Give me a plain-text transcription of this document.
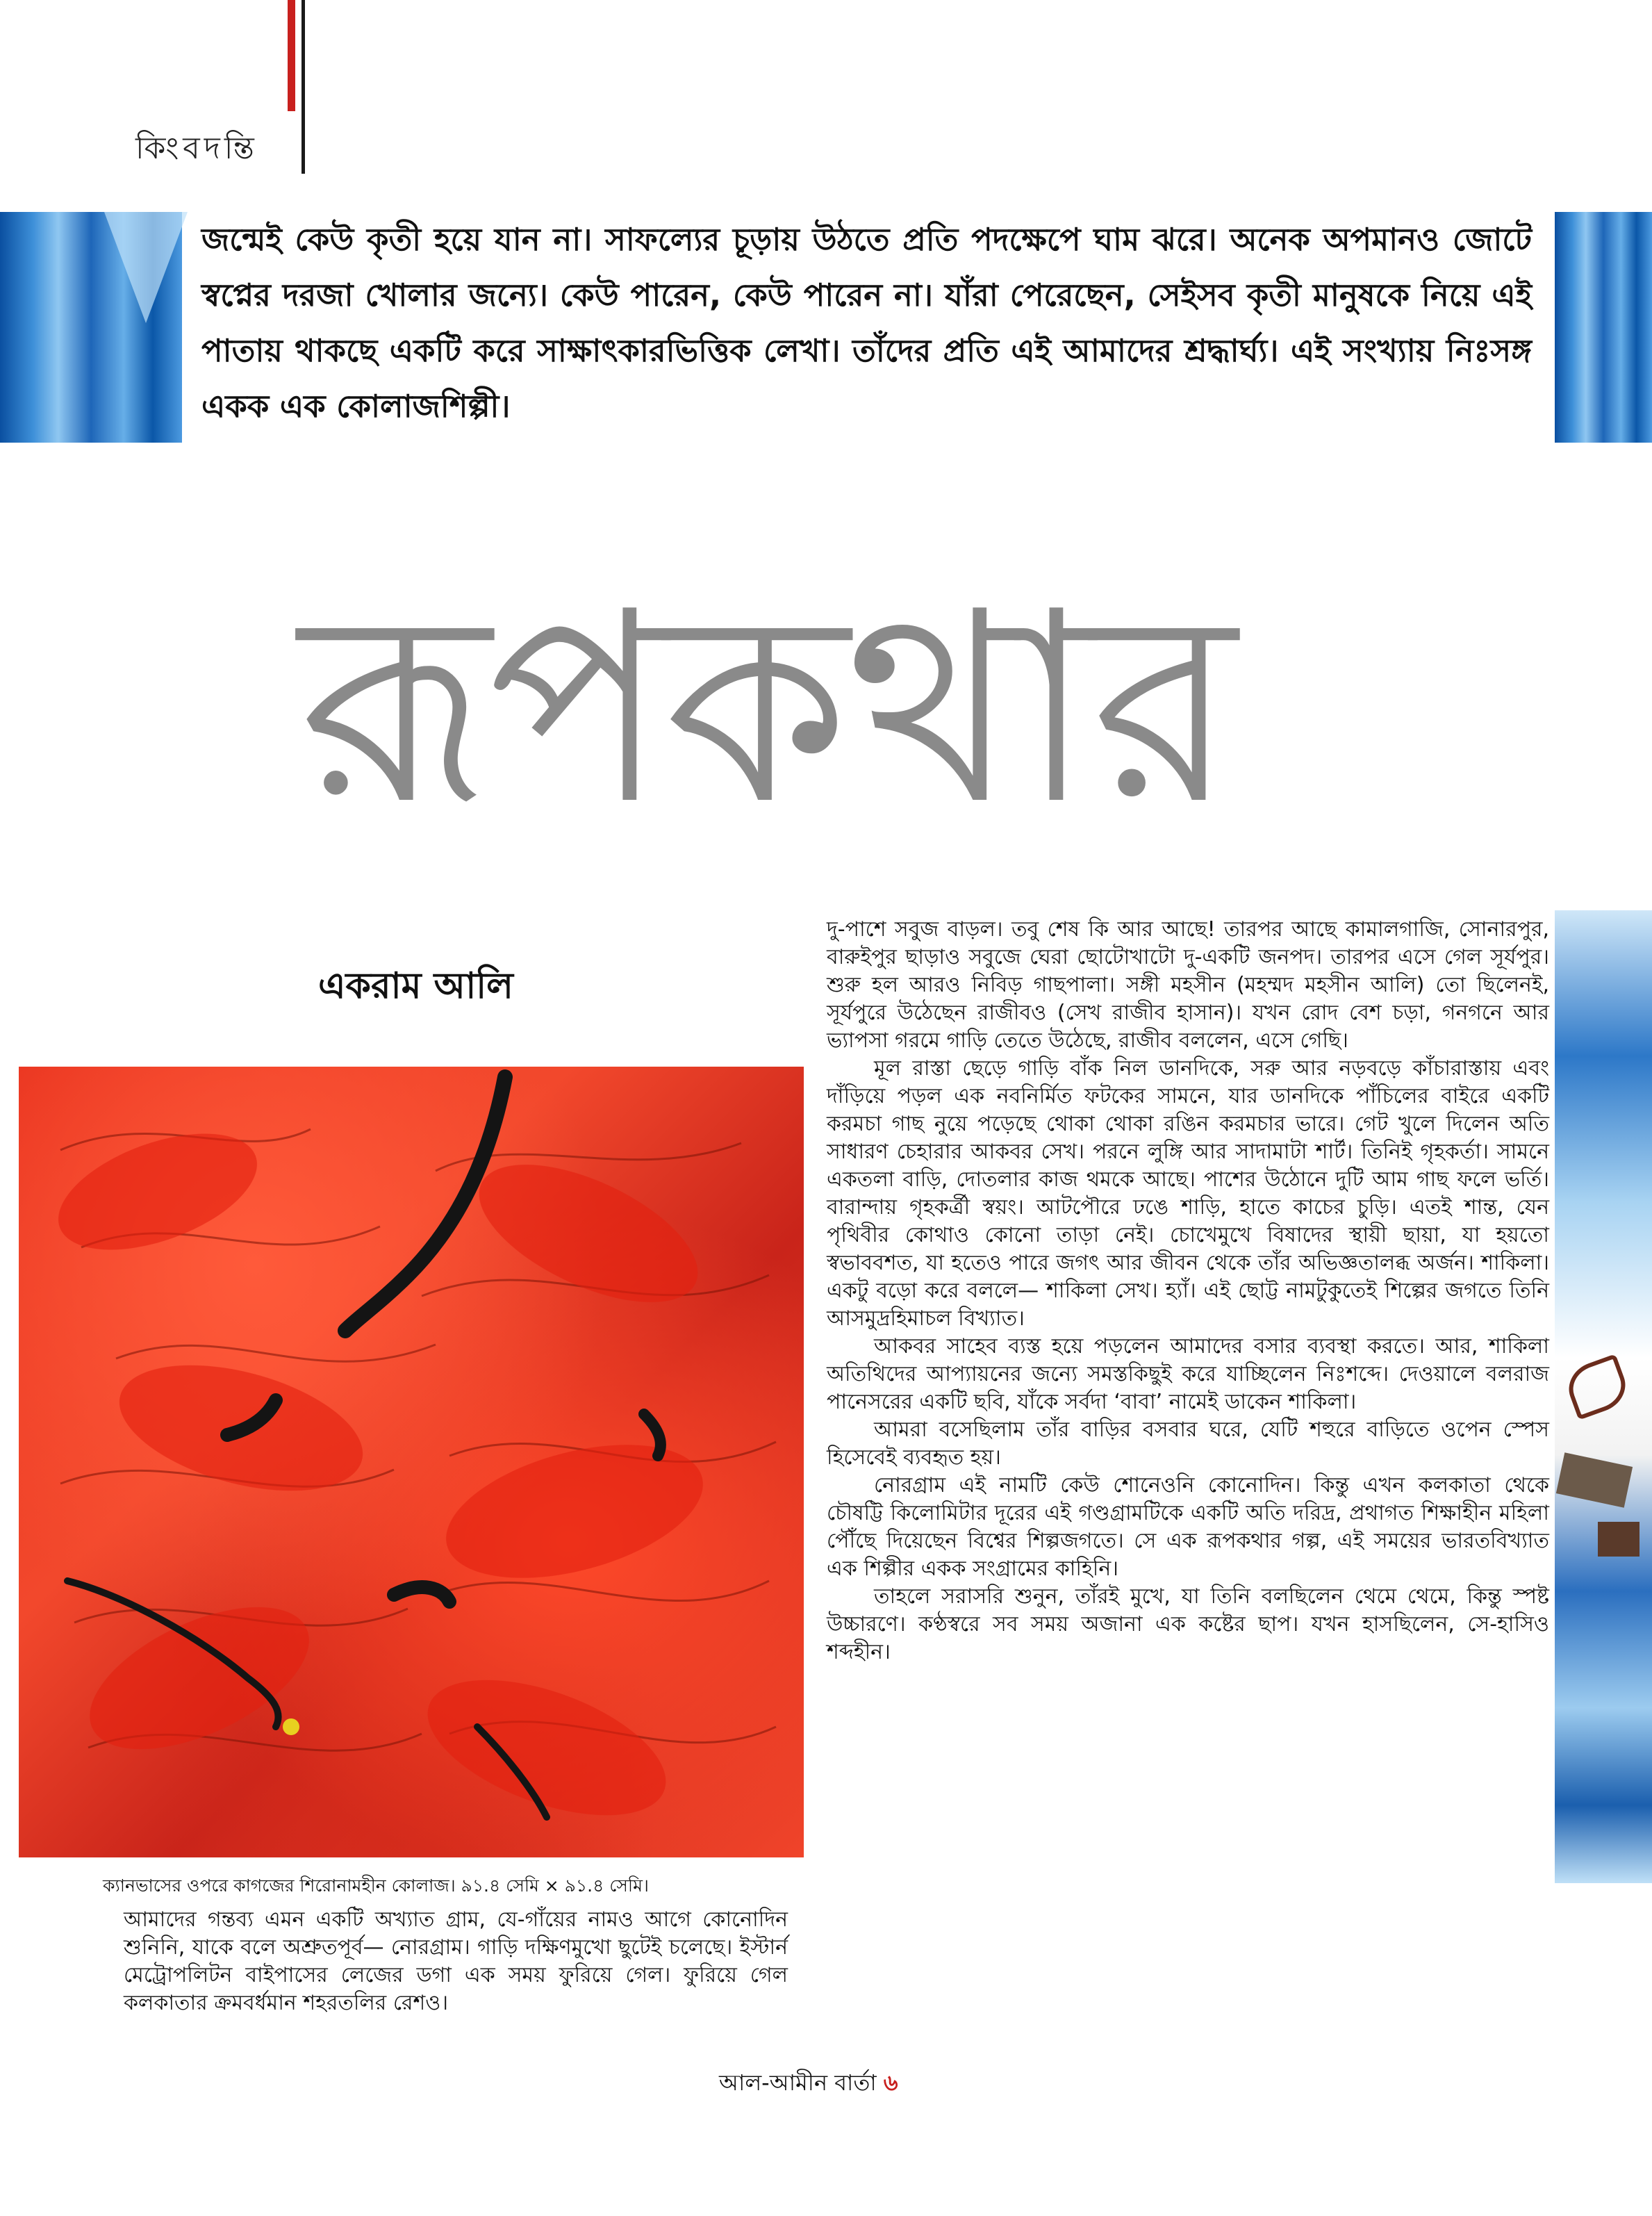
কিংবদন্তি
জন্মেই কেউ কৃতী হয়ে যান না। সাফল্যের চূড়ায় উঠতে প্রতি পদক্ষেপে ঘাম ঝরে। অনেক অপমানও জোটে স্বপ্নের দরজা খোলার জন্যে। কেউ পারেন, কেউ পারেন না। যাঁরা পেরেছেন, সেইসব কৃতী মানুষকে নিয়ে এই পাতায় থাকছে একটি করে সাক্ষাৎকারভিত্তিক লেখা। তাঁদের প্রতি এই আমাদের শ্রদ্ধার্ঘ্য। এই সংখ্যায় নিঃসঙ্গ একক এক কোলাজশিল্পী।
রূপকথার
একরাম আলি
ক্যানভাসের ওপরে কাগজের শিরোনামহীন কোলাজ। ৯১.৪ সেমি × ৯১.৪ সেমি।

আমাদের গন্তব্য এমন একটি অখ্যাত গ্রাম, যে-গাঁয়ের নামও আগে কোনোদিন শুনিনি, যাকে বলে অশ্রুতপূর্ব— নোরগ্রাম। গাড়ি দক্ষিণমুখো ছুটেই চলেছে। ইস্টার্ন মেট্রোপলিটন বাইপাসের লেজের ডগা এক সময় ফুরিয়ে গেল। ফুরিয়ে গেল কলকাতার ক্রমবর্ধমান শহরতলির রেশও।

দু-পাশে সবুজ বাড়ল। তবু শেষ কি আর আছে! তারপর আছে কামালগাজি, সোনারপুর, বারুইপুর ছাড়াও সবুজে ঘেরা ছোটোখাটো দু-একটি জনপদ। তারপর এসে গেল সূর্যপুর। শুরু হল আরও নিবিড় গাছপালা। সঙ্গী মহসীন (মহম্মদ মহসীন আলি) তো ছিলেনই, সূর্যপুরে উঠেছেন রাজীবও (সেখ রাজীব হাসান)। যখন রোদ বেশ চড়া, গনগনে আর ভ্যাপসা গরমে গাড়ি তেতে উঠেছে, রাজীব বললেন, এসে গেছি।

মূল রাস্তা ছেড়ে গাড়ি বাঁক নিল ডানদিকে, সরু আর নড়বড়ে কাঁচারাস্তায় এবং দাঁড়িয়ে পড়ল এক নবনির্মিত ফটকের সামনে, যার ডানদিকে পাঁচিলের বাইরে একটি করমচা গাছ নুয়ে পড়েছে থোকা থোকা রঙিন করমচার ভারে। গেট খুলে দিলেন অতি সাধারণ চেহারার আকবর সেখ। পরনে লুঙ্গি আর সাদামাটা শার্ট। তিনিই গৃহকর্তা। সামনে একতলা বাড়ি, দোতলার কাজ থমকে আছে। পাশের উঠোনে দুটি আম গাছ ফলে ভর্তি। বারান্দায় গৃহকর্ত্রী স্বয়ং। আটপৌরে ঢঙে শাড়ি, হাতে কাচের চুড়ি। এতই শান্ত, যেন পৃথিবীর কোথাও কোনো তাড়া নেই। চোখেমুখে বিষাদের স্থায়ী ছায়া, যা হয়তো স্বভাববশত, যা হতেও পারে জগৎ আর জীবন থেকে তাঁর অভিজ্ঞতালব্ধ অর্জন। শাকিলা। একটু বড়ো করে বললে— শাকিলা সেখ। হ্যাঁ। এই ছোট্ট নামটুকুতেই শিল্পের জগতে তিনি আসমুদ্রহিমাচল বিখ্যাত।

আকবর সাহেব ব্যস্ত হয়ে পড়লেন আমাদের বসার ব্যবস্থা করতে। আর, শাকিলা অতিথিদের আপ্যায়নের জন্যে সমস্তকিছুই করে যাচ্ছিলেন নিঃশব্দে। দেওয়ালে বলরাজ পানেসরের একটি ছবি, যাঁকে সর্বদা ‘বাবা’ নামেই ডাকেন শাকিলা।

আমরা বসেছিলাম তাঁর বাড়ির বসবার ঘরে, যেটি শহুরে বাড়িতে ওপেন স্পেস হিসেবেই ব্যবহৃত হয়।

নোরগ্রাম এই নামটি কেউ শোনেওনি কোনোদিন। কিন্তু এখন কলকাতা থেকে চৌষট্টি কিলোমিটার দূরের এই গণ্ডগ্রামটিকে একটি অতি দরিদ্র, প্রথাগত শিক্ষাহীন মহিলা পৌঁছে দিয়েছেন বিশ্বের শিল্পজগতে। সে এক রূপকথার গল্প, এই সময়ের ভারতবিখ্যাত এক শিল্পীর একক সংগ্রামের কাহিনি।

তাহলে সরাসরি শুনুন, তাঁরই মুখে, যা তিনি বলছিলেন থেমে থেমে, কিন্তু স্পষ্ট উচ্চারণে। কণ্ঠস্বরে সব সময় অজানা এক কষ্টের ছাপ। যখন হাসছিলেন, সে-হাসিও শব্দহীন।

আল-আমীন বার্তা ৬
